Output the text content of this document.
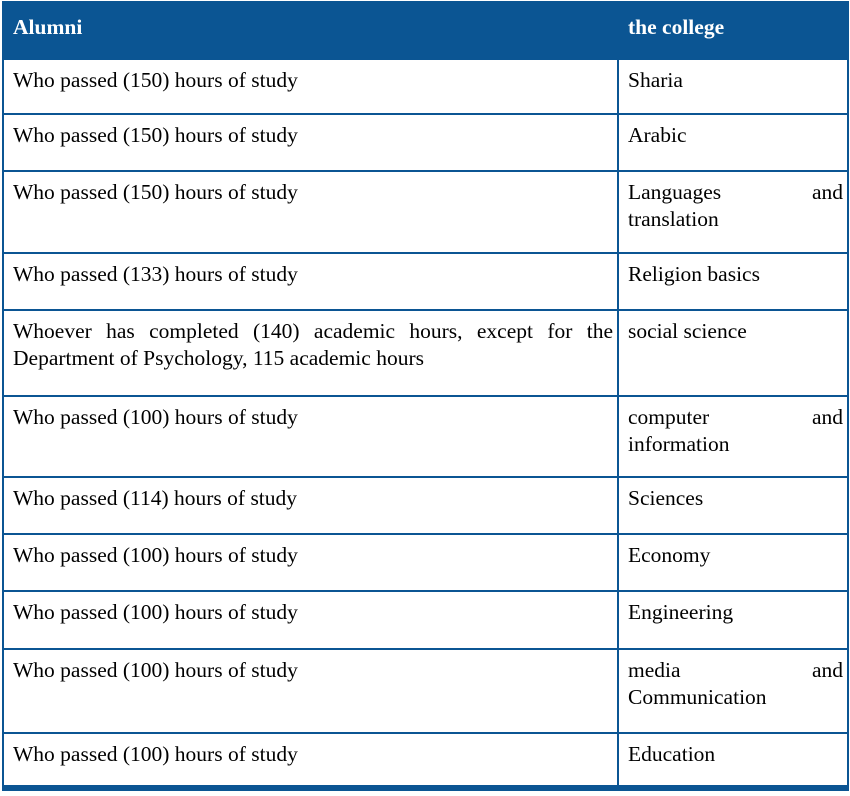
Alumni	the college
Who passed (150) hours of study	Sharia
Who passed (150) hours of study	Arabic
Who passed (150) hours of study	Languages and translation
Who passed (133) hours of study	Religion basics
Whoever has completed (140) academic hours, except for the Department of Psychology, 115 academic hours	social science
Who passed (100) hours of study	computer and information
Who passed (114) hours of study	Sciences
Who passed (100) hours of study	Economy
Who passed (100) hours of study	Engineering
Who passed (100) hours of study	media and Communication
Who passed (100) hours of study	Education
